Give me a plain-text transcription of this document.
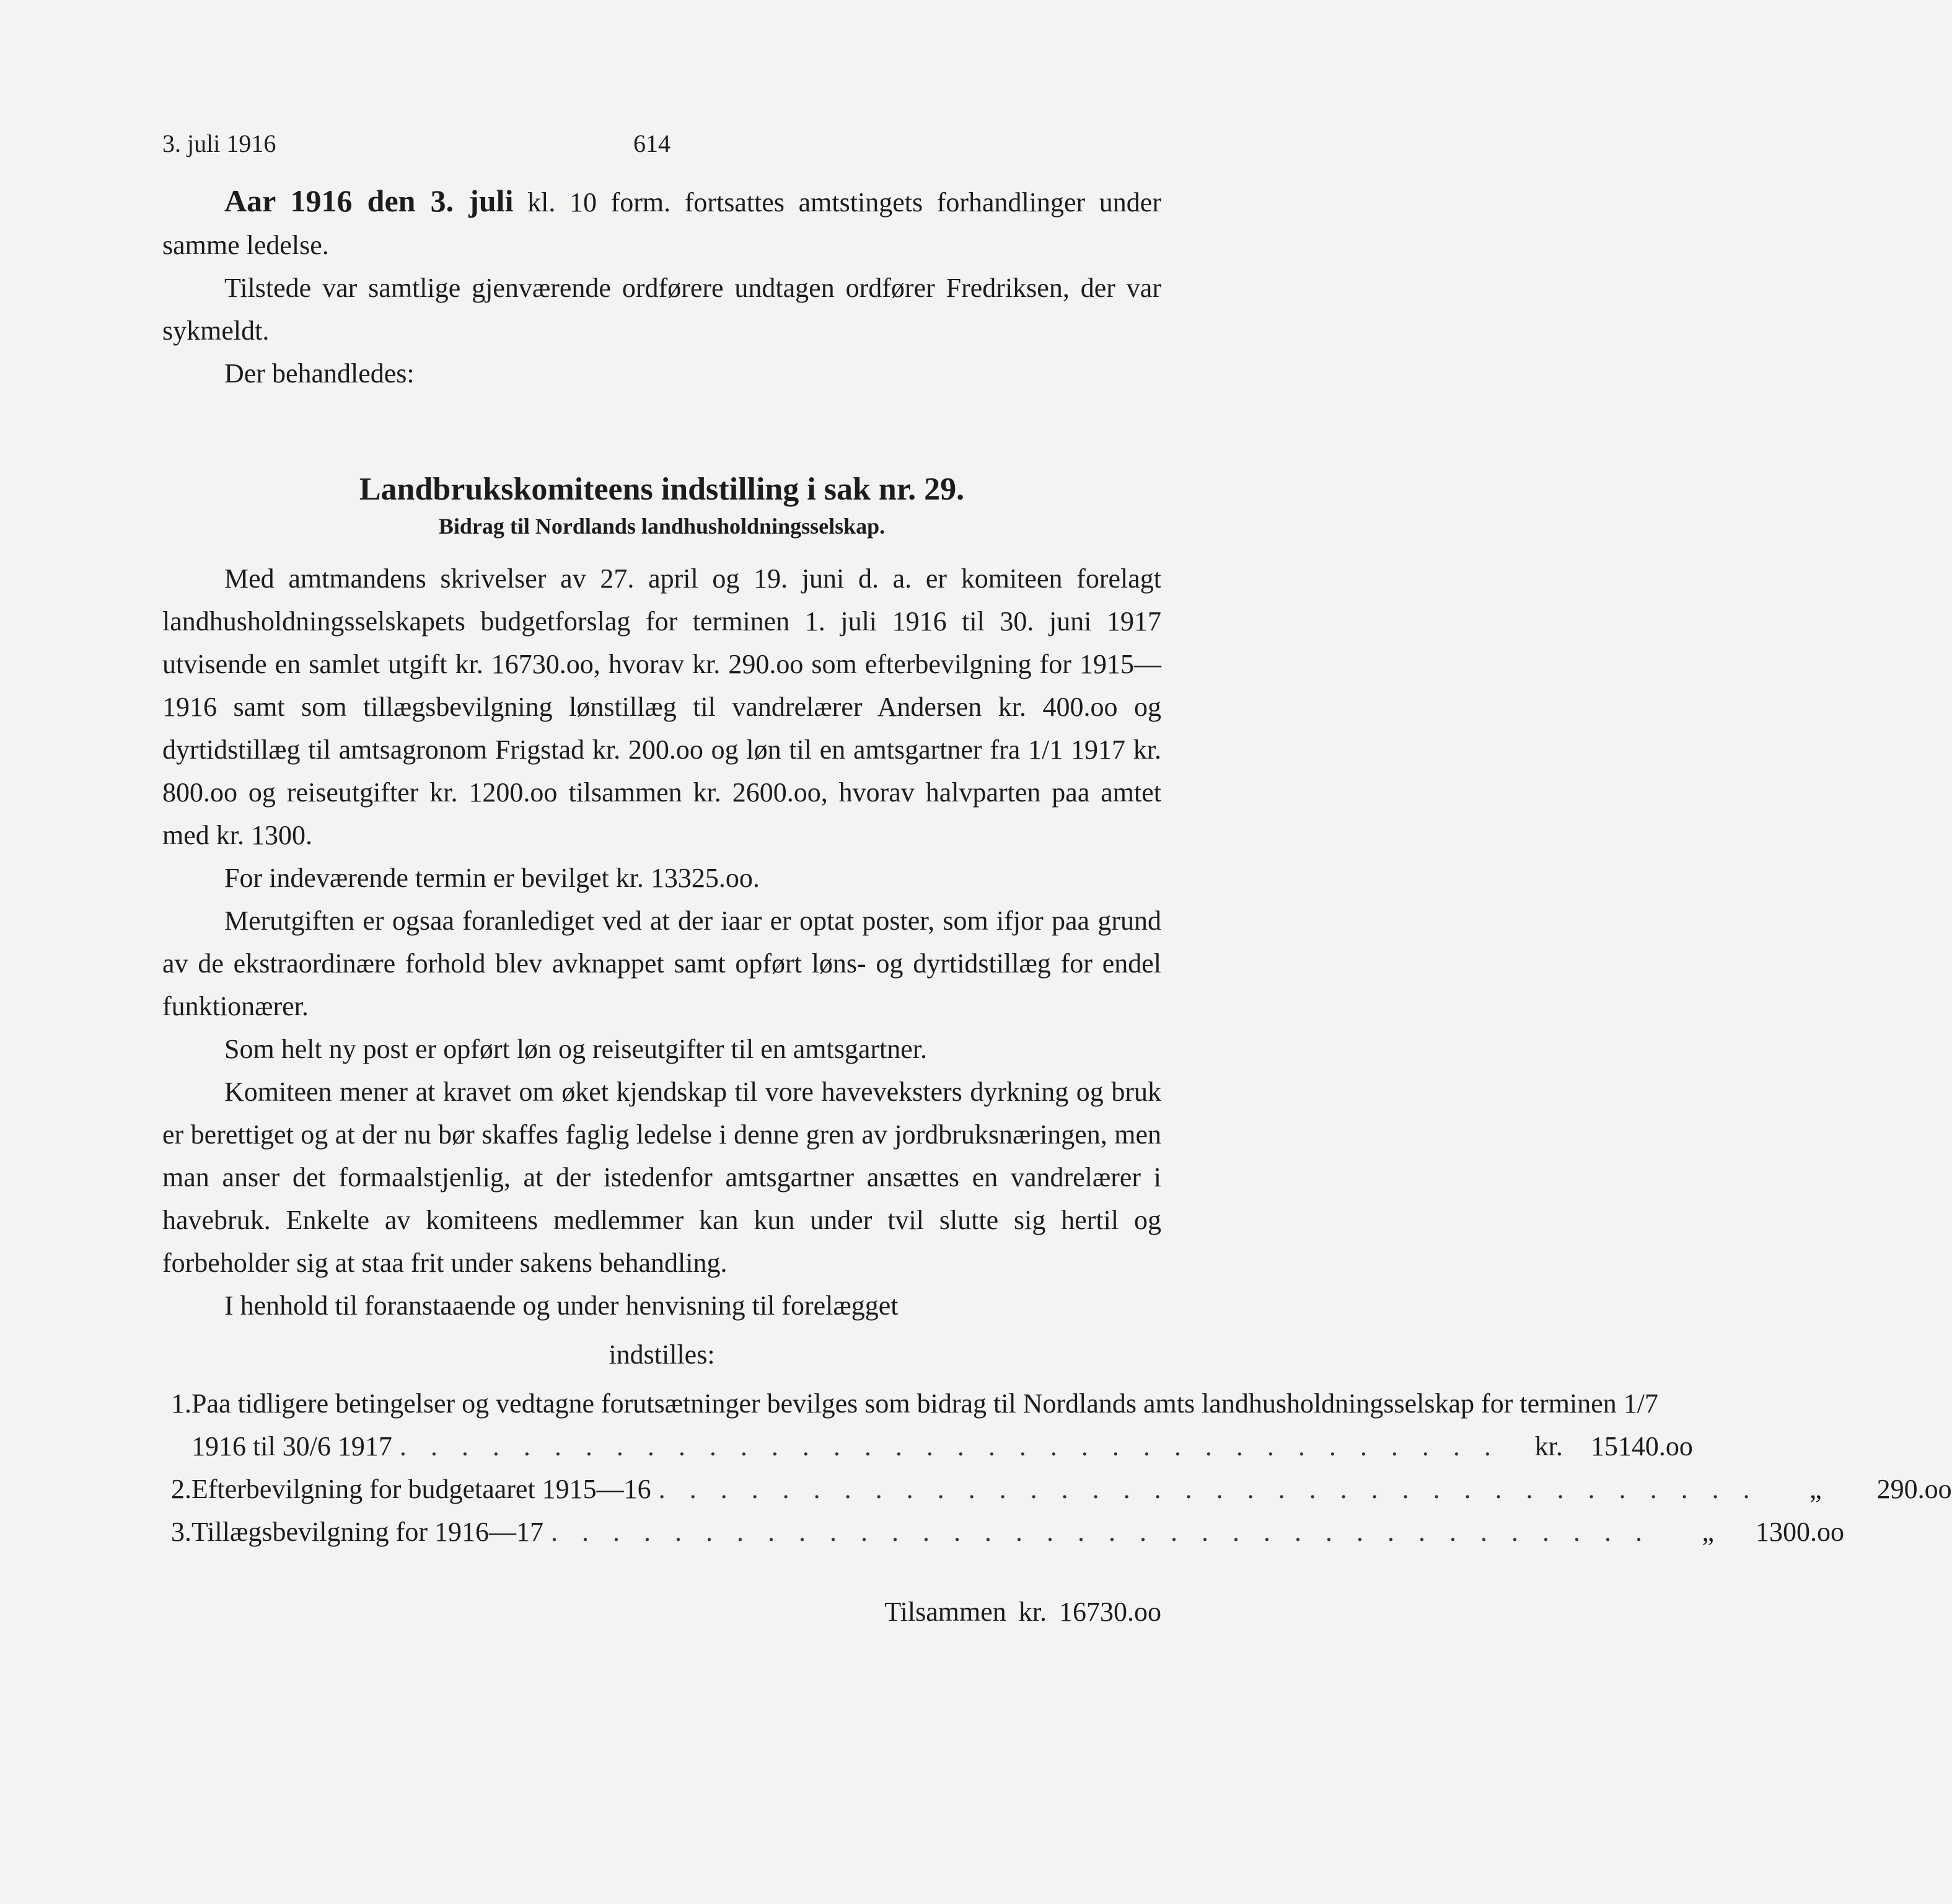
3. juli 1916	614

Aar 1916 den 3. juli kl. 10 form. fortsattes amtstingets forhandlinger under samme ledelse.

Tilstede var samtlige gjenværende ordførere undtagen ordfører Fredriksen, der var sykmeldt.

Der behandledes:

Landbrukskomiteens indstilling i sak nr. 29.
Bidrag til Nordlands landhusholdningsselskap.

Med amtmandens skrivelser av 27. april og 19. juni d. a. er komiteen forelagt landhusholdningsselskapets budgetforslag for terminen 1. juli 1916 til 30. juni 1917 utvisende en samlet utgift kr. 16730.oo, hvorav kr. 290.oo som efterbevilgning for 1915—1916 samt som tillægsbevilgning lønstillæg til vandrelærer Andersen kr. 400.oo og dyrtidstillæg til amtsagronom Frigstad kr. 200.oo og løn til en amtsgartner fra 1/1 1917 kr. 800.oo og reiseutgifter kr. 1200.oo tilsammen kr. 2600.oo, hvorav halvparten paa amtet med kr. 1300.

For indeværende termin er bevilget kr. 13325.oo.

Merutgiften er ogsaa foranlediget ved at der iaar er optat poster, som ifjor paa grund av de ekstraordinære forhold blev avknappet samt opført løns- og dyrtidstillæg for endel funktionærer.

Som helt ny post er opført løn og reiseutgifter til en amtsgartner.

Komiteen mener at kravet om øket kjendskap til vore haveveksters dyrkning og bruk er berettiget og at der nu bør skaffes faglig ledelse i denne gren av jordbruksnæringen, men man anser det formaalstjenlig, at der istedenfor amtsgartner ansættes en vandrelærer i havebruk. Enkelte av komiteens medlemmer kan kun under tvil slutte sig hertil og forbeholder sig at staa frit under sakens behandling.

I henhold til foranstaaende og under henvisning til forelægget

indstilles:

1. Paa tidligere betingelser og vedtagne forutsætninger bevilges som bidrag til Nordlands amts landhusholdningsselskap for terminen 1/7
1916 til 30/6 1917 . . . . . . . . . . . . . . . . . . . . . . . . . . . . . . . . . . . .	kr. 15140.oo
2. Efterbevilgning for budgetaaret 1915—16 . . . . . . . . . . . . . . . . . . . . . . . . . . . . . . . . . . . .	„ 290.oo
3. Tillægsbevilgning for 1916—17 . . . . . . . . . . . . . . . . . . . . . . . . . . . . . . . . . . . .	„ 1300.oo
Tilsammen kr. 16730.oo
